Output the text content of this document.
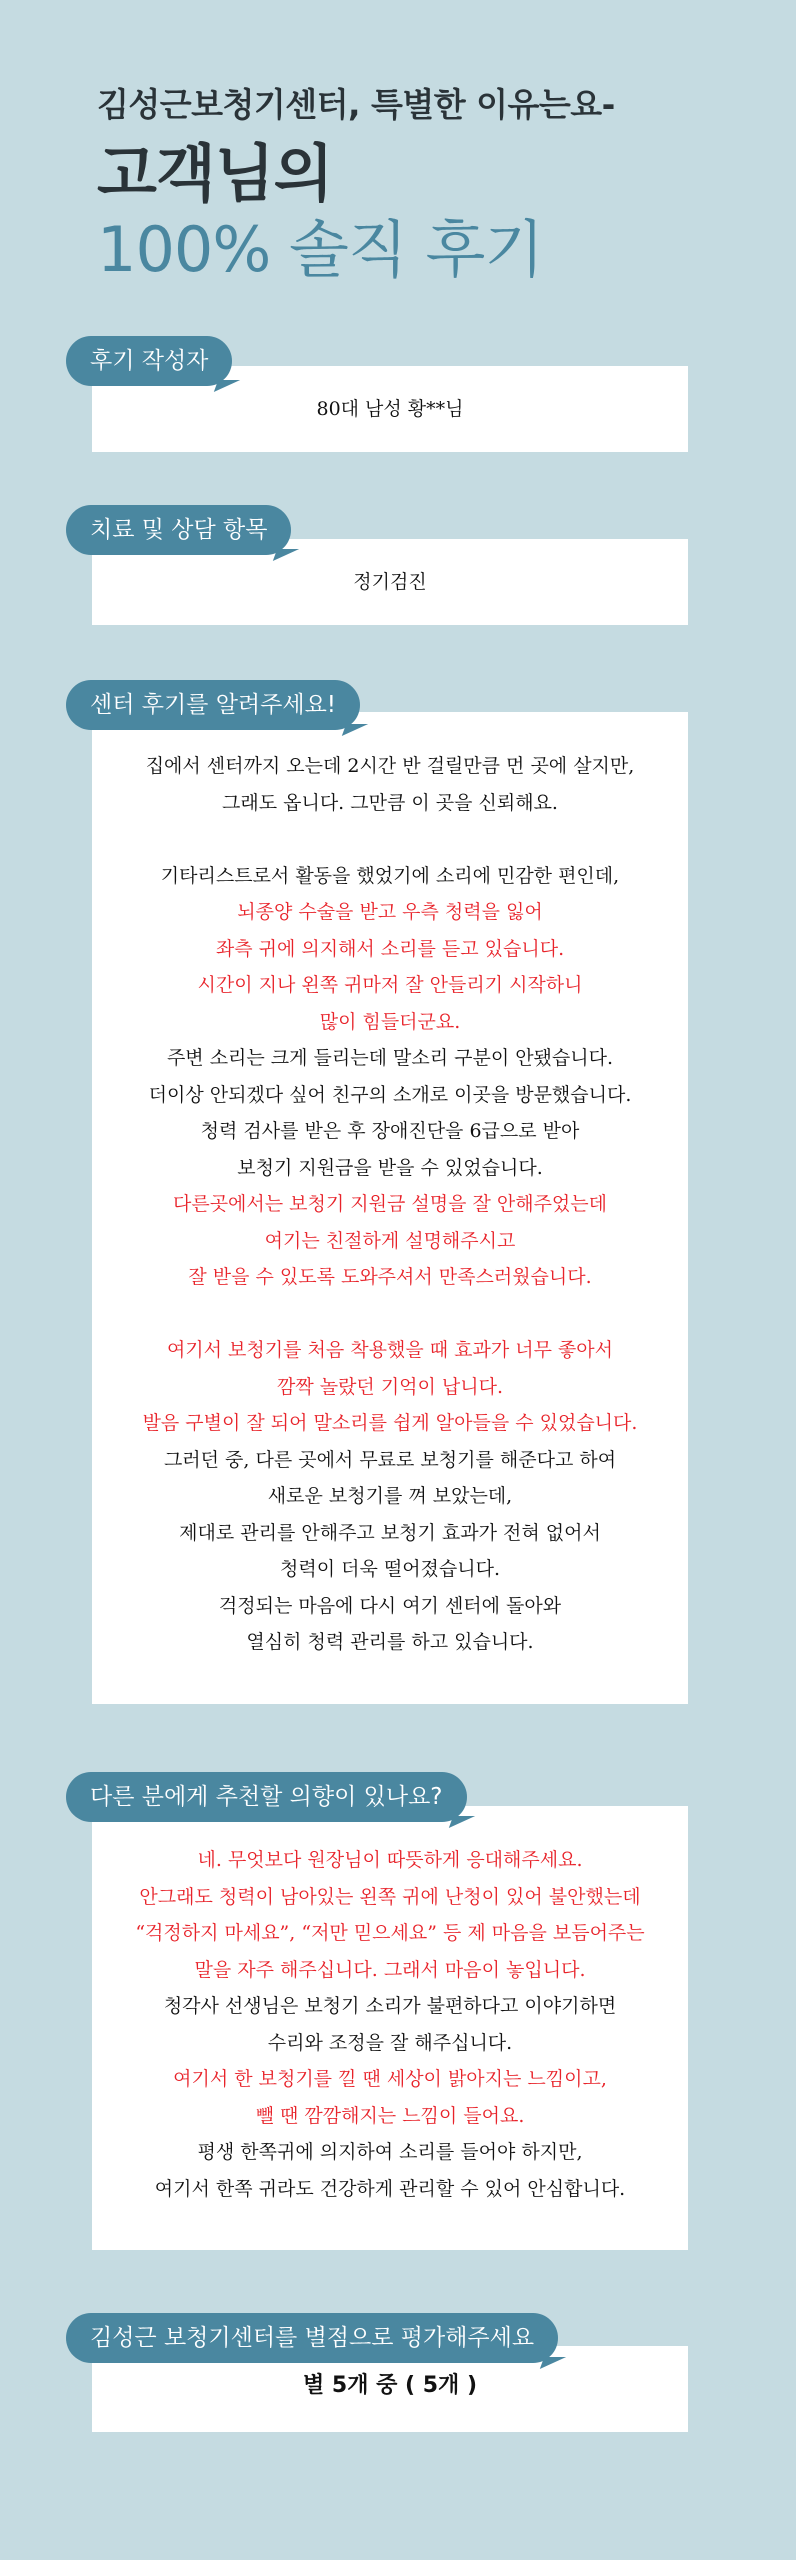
김성근보청기센터, 특별한 이유는요-
고객님의
100% 솔직 후기
80대 남성 황**님
후기 작성자
정기검진
치료 및 상담 항목
집에서 센터까지 오는데 2시간 반 걸릴만큼 먼 곳에 살지만,
그래도 옵니다. 그만큼 이 곳을 신뢰해요.
기타리스트로서 활동을 했었기에 소리에 민감한 편인데,
뇌종양 수술을 받고 우측 청력을 잃어
좌측 귀에 의지해서 소리를 듣고 있습니다.
시간이 지나 왼쪽 귀마저 잘 안들리기 시작하니
많이 힘들더군요.
주변 소리는 크게 들리는데 말소리 구분이 안됐습니다.
더이상 안되겠다 싶어 친구의 소개로 이곳을 방문했습니다.
청력 검사를 받은 후 장애진단을 6급으로 받아
보청기 지원금을 받을 수 있었습니다.
다른곳에서는 보청기 지원금 설명을 잘 안해주었는데
여기는 친절하게 설명해주시고
잘 받을 수 있도록 도와주셔서 만족스러웠습니다.
여기서 보청기를 처음 착용했을 때 효과가 너무 좋아서
깜짝 놀랐던 기억이 납니다.
발음 구별이 잘 되어 말소리를 쉽게 알아들을 수 있었습니다.
그러던 중, 다른 곳에서 무료로 보청기를 해준다고 하여
새로운 보청기를 껴 보았는데,
제대로 관리를 안해주고 보청기 효과가 전혀 없어서
청력이 더욱 떨어졌습니다.
걱정되는 마음에 다시 여기 센터에 돌아와
열심히 청력 관리를 하고 있습니다.
센터 후기를 알려주세요!
네. 무엇보다 원장님이 따뜻하게 응대해주세요.
안그래도 청력이 남아있는 왼쪽 귀에 난청이 있어 불안했는데
“걱정하지 마세요”, “저만 믿으세요” 등 제 마음을 보듬어주는
말을 자주 해주십니다. 그래서 마음이 놓입니다.
청각사 선생님은 보청기 소리가 불편하다고 이야기하면
수리와 조정을 잘 해주십니다.
여기서 한 보청기를 낄 땐 세상이 밝아지는 느낌이고,
뺄 땐 깜깜해지는 느낌이 들어요.
평생 한쪽귀에 의지하여 소리를 들어야 하지만,
여기서 한쪽 귀라도 건강하게 관리할 수 있어 안심합니다.
다른 분에게 추천할 의향이 있나요?
별 5개 중 ( 5개 )
김성근 보청기센터를 별점으로 평가해주세요
